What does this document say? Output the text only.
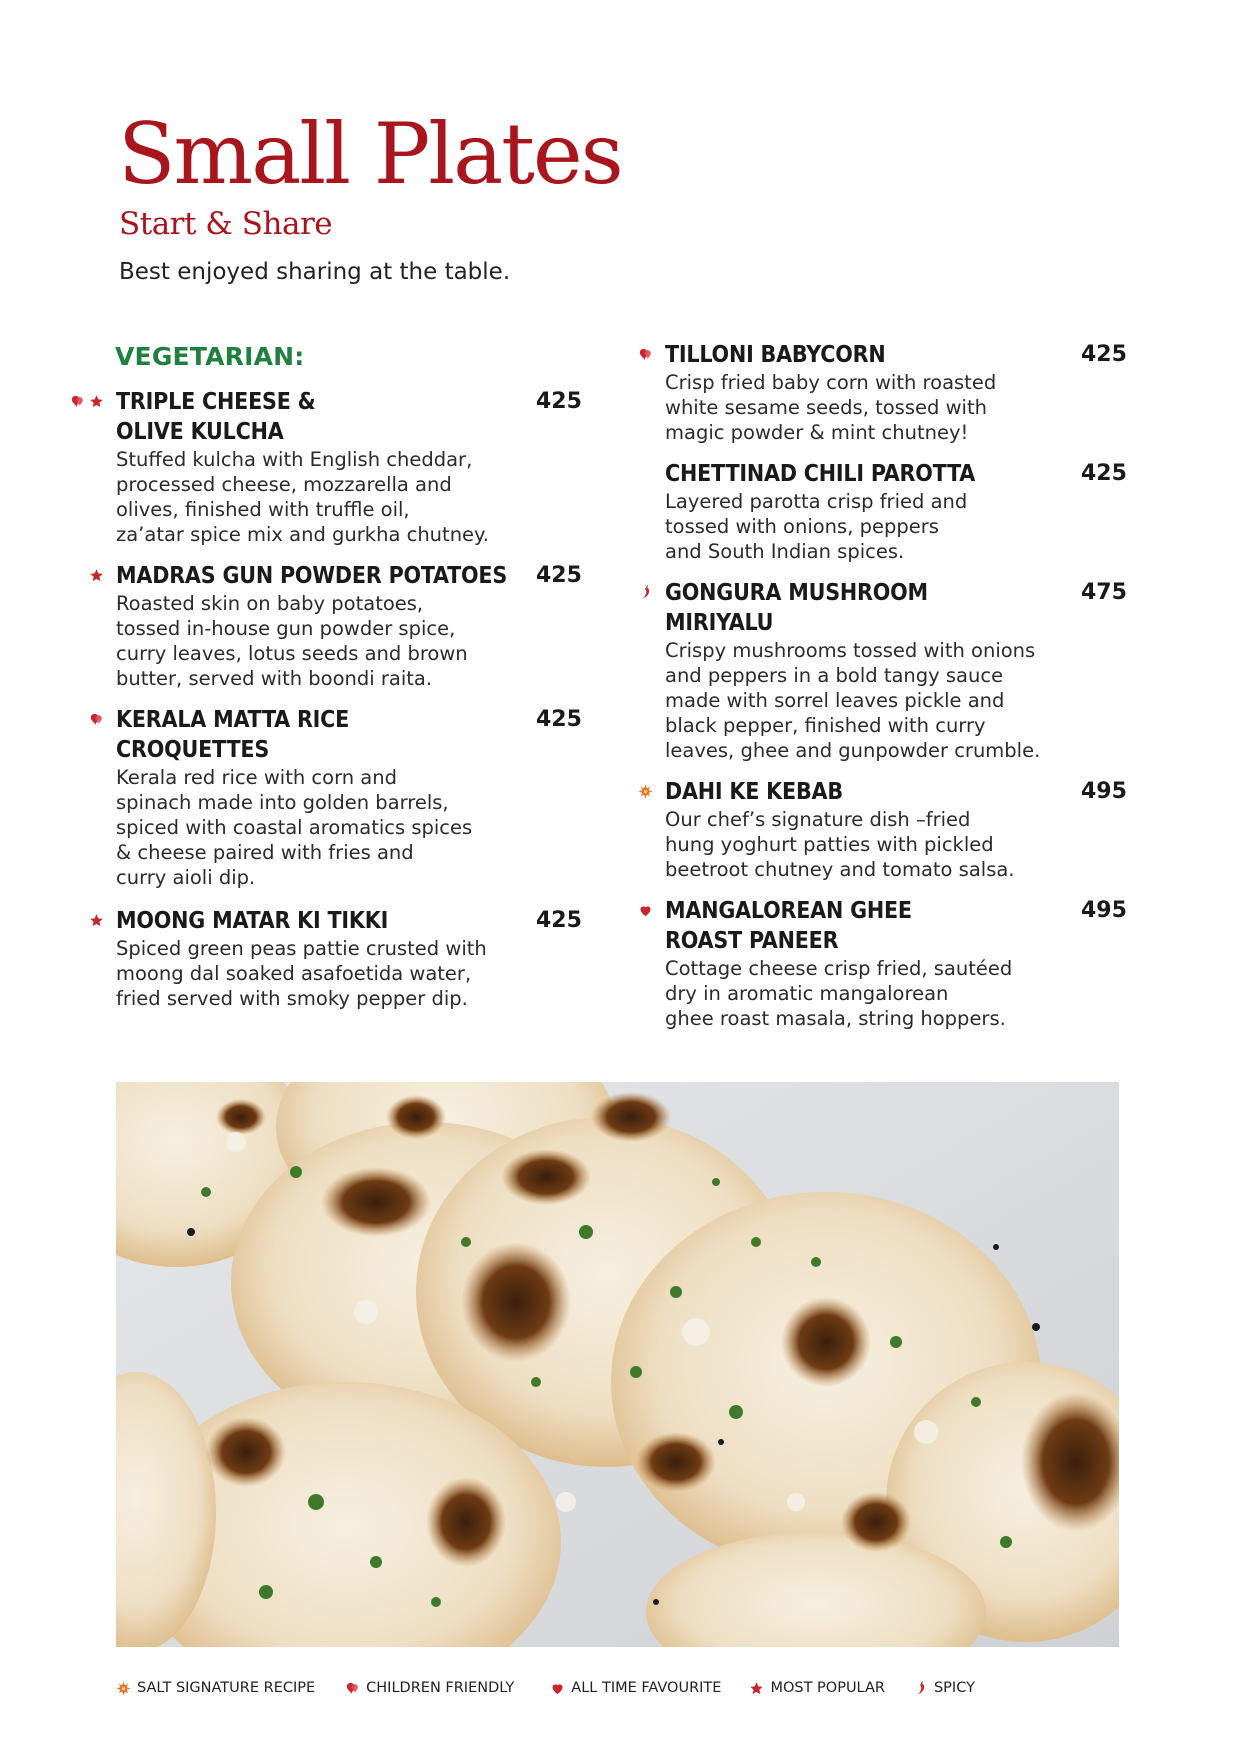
Small Plates
Start & Share
Best enjoyed sharing at the table.
VEGETARIAN:
TRIPLE CHEESE &
OLIVE KULCHA
Stuffed kulcha with English cheddar,
processed cheese, mozzarella and
olives, finished with truffle oil,
za’atar spice mix and gurkha chutney.
425
MADRAS GUN POWDER POTATOES
Roasted skin on baby potatoes,
tossed in-house gun powder spice,
curry leaves, lotus seeds and brown
butter, served with boondi raita.
425
KERALA MATTA RICE
CROQUETTES
Kerala red rice with corn and
spinach made into golden barrels,
spiced with coastal aromatics spices
& cheese paired with fries and
curry aioli dip.
425
MOONG MATAR KI TIKKI
Spiced green peas pattie crusted with
moong dal soaked asafoetida water,
fried served with smoky pepper dip.
425
TILLONI BABYCORN
Crisp fried baby corn with roasted
white sesame seeds, tossed with
magic powder & mint chutney!
425
CHETTINAD CHILI PAROTTA
Layered parotta crisp fried and
tossed with onions, peppers
and South Indian spices.
425
GONGURA MUSHROOM
MIRIYALU
Crispy mushrooms tossed with onions
and peppers in a bold tangy sauce
made with sorrel leaves pickle and
black pepper, finished with curry
leaves, ghee and gunpowder crumble.
475
DAHI KE KEBAB
Our chef’s signature dish –fried
hung yoghurt patties with pickled
beetroot chutney and tomato salsa.
495
MANGALOREAN GHEE
ROAST PANEER
Cottage cheese crisp fried, sautéed
dry in aromatic mangalorean
ghee roast masala, string hoppers.
495
SALT SIGNATURE RECIPE	CHILDREN FRIENDLY	ALL TIME FAVOURITE	MOST POPULAR	SPICY
